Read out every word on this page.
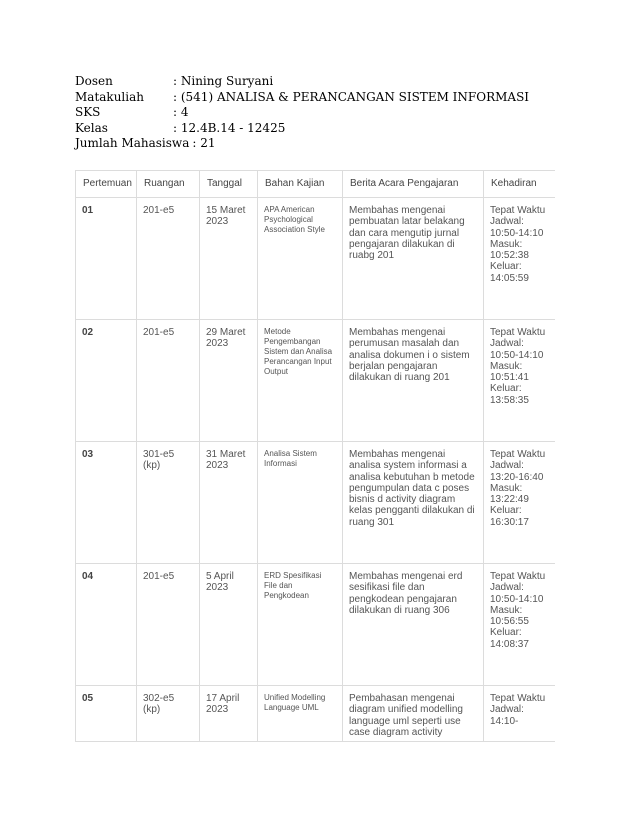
Dosen	: Nining Suryani
Matakuliah	: (541) ANALISA & PERANCANGAN SISTEM INFORMASI
SKS	: 4
Kelas	: 12.4B.14 - 12425
Jumlah Mahasiswa : 21
Pertemuan	Ruangan	Tanggal	Bahan Kajian	Berita Acara Pengajaran	Kehadiran
01	201-e5	15 Maret 2023	APA American Psychological Association Style	Membahas mengenai pembuatan latar belakang dan cara mengutip jurnal pengajaran dilakukan di ruabg 201	Tepat Waktu Jadwal: 10:50-14:10 Masuk: 10:52:38 Keluar: 14:05:59
02	201-e5	29 Maret 2023	Metode Pengembangan Sistem dan Analisa Perancangan Input Output	Membahas mengenai perumusan masalah dan analisa dokumen i o sistem berjalan pengajaran dilakukan di ruang 201	Tepat Waktu Jadwal: 10:50-14:10 Masuk: 10:51:41 Keluar: 13:58:35
03	301-e5 (kp)	31 Maret 2023	Analisa Sistem Informasi	Membahas mengenai analisa system informasi a analisa kebutuhan b metode pengumpulan data c poses bisnis d activity diagram kelas pengganti dilakukan di ruang 301	Tepat Waktu Jadwal: 13:20-16:40 Masuk: 13:22:49 Keluar: 16:30:17
04	201-e5	5 April 2023	ERD Spesifikasi File dan Pengkodean	Membahas mengenai erd sesifikasi file dan pengkodean pengajaran dilakukan di ruang 306	Tepat Waktu Jadwal: 10:50-14:10 Masuk: 10:56:55 Keluar: 14:08:37
05	302-e5 (kp)	17 April 2023	Unified Modelling Language UML	Pembahasan mengenai diagram unified modelling language uml seperti use case diagram activity	Tepat Waktu Jadwal: 14:10-
